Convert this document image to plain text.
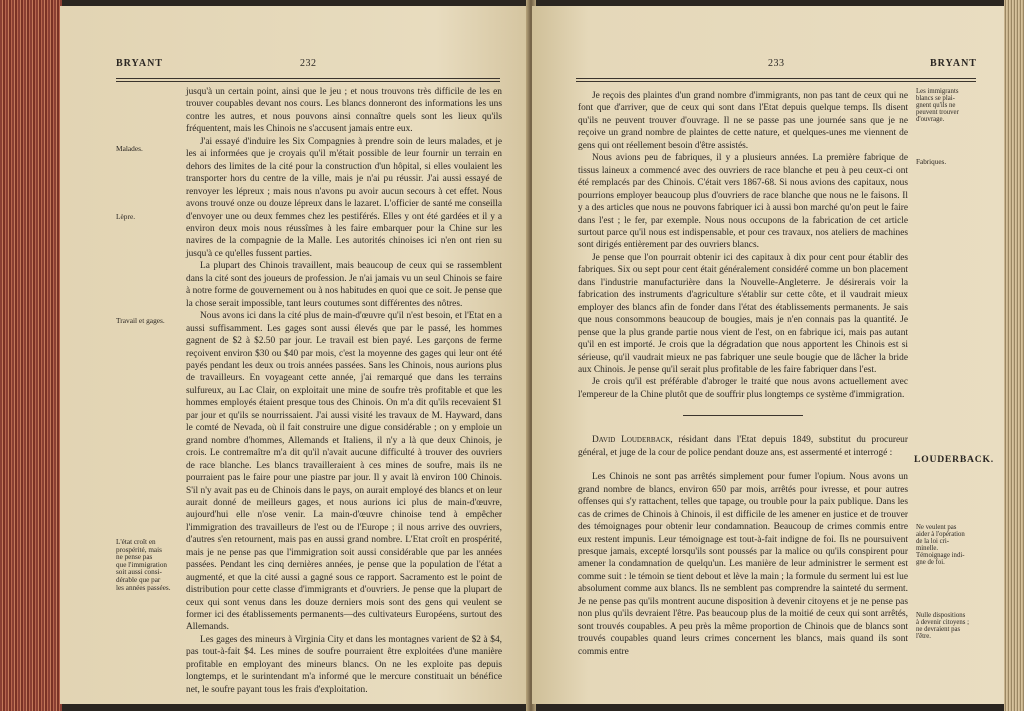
BRYANT	232
Malades.
Lèpre.
Travail et gages.
L'état croît en
prospérité, mais
ne pense pas
que l'immigration
soit aussi consi-
dérable que par
les années passées.

jusqu'à un certain point, ainsi que le jeu ; et nous trouvons très difficile de les en trouver coupables devant nos cours. Les blancs donneront des informations les uns contre les autres, et nous pouvons ainsi connaître quels sont les lieux qu'ils fréquentent, mais les Chinois ne s'accusent jamais entre eux.

J'ai essayé d'induire les Six Compagnies à prendre soin de leurs malades, et je les ai informées que je croyais qu'il m'était possible de leur fournir un terrain en dehors des limites de la cité pour la construction d'un hôpital, si elles voulaient les transporter hors du centre de la ville, mais je n'ai pu réussir. J'ai aussi essayé de renvoyer les lépreux ; mais nous n'avons pu avoir aucun secours à cet effet. Nous avons trouvé onze ou douze lépreux dans le lazaret. L'officier de santé me conseilla d'envoyer une ou deux femmes chez les pestiférés. Elles y ont été gardées et il y a environ deux mois nous réussîmes à les faire embarquer pour la Chine sur les navires de la compagnie de la Malle. Les autorités chinoises ici n'en ont rien su jusqu'à ce qu'elles fussent parties.

La plupart des Chinois travaillent, mais beaucoup de ceux qui se rassemblent dans la cité sont des joueurs de profession. Je n'ai jamais vu un seul Chinois se faire à notre forme de gouvernement ou à nos habitudes en quoi que ce soit. Je pense que la chose serait impossible, tant leurs coutumes sont différentes des nôtres.

Nous avons ici dans la cité plus de main-d'œuvre qu'il n'est besoin, et l'Etat en a aussi suffisamment. Les gages sont aussi élevés que par le passé, les hommes gagnent de $2 à $2.50 par jour. Le travail est bien payé. Les garçons de ferme reçoivent environ $30 ou $40 par mois, c'est la moyenne des gages qui leur ont été payés pendant les deux ou trois années passées. Sans les Chinois, nous aurions plus de travailleurs. En voyageant cette année, j'ai remarqué que dans les terrains sulfureux, au Lac Clair, on exploitait une mine de soufre très profitable et que les hommes employés étaient presque tous des Chinois. On m'a dit qu'ils recevaient $1 par jour et qu'ils se nourrissaient. J'ai aussi visité les travaux de M. Hayward, dans le comté de Nevada, où il fait construire une digue considérable ; on y emploie un grand nombre d'hommes, Allemands et Italiens, il n'y a là que deux Chinois, je crois. Le contremaître m'a dit qu'il n'avait aucune difficulté à trouver des ouvriers de race blanche. Les blancs travailleraient à ces mines de soufre, mais ils ne pourraient pas le faire pour une piastre par jour. Il y avait là environ 100 Chinois. S'il n'y avait pas eu de Chinois dans le pays, on aurait employé des blancs et on leur aurait donné de meilleurs gages, et nous aurions ici plus de main-d'œuvre, aujourd'hui elle n'ose venir. La main-d'œuvre chinoise tend à empêcher l'immigration des travailleurs de l'est ou de l'Europe ; il nous arrive des ouvriers, d'autres s'en retournent, mais pas en aussi grand nombre. L'Etat croît en prospérité, mais je ne pense pas que l'immigration soit aussi considérable que par les années passées. Pendant les cinq dernières années, je pense que la population de l'état a augmenté, et que la cité aussi a gagné sous ce rapport. Sacramento est le point de distribution pour cette classe d'immigrants et d'ouvriers. Je pense que la plupart de ceux qui sont venus dans les douze derniers mois sont des gens qui veulent se former ici des établissements permanents—des cultivateurs Européens, surtout des Allemands.

Les gages des mineurs à Virginia City et dans les montagnes varient de $2 à $4, pas tout-à-fait $4. Les mines de soufre pourraient être exploitées d'une manière profitable en employant des mineurs blancs. On ne les exploite pas depuis longtemps, et le surintendant m'a informé que le mercure constituait un bénéfice net, le soufre payant tous les frais d'exploitation.

233	BRYANT
Les immigrants
blancs se plai-
gnent qu'ils ne
peuvent trouver
d'ouvrage.
Fabriques.
LOUDERBACK.
Ne veulent pas
aider à l'opération
de la loi cri-
minelle.
Témoignage indi-
gne de foi.
Nulle dispositions
à devenir citoyens ;
ne devraient pas
l'être.

Je reçois des plaintes d'un grand nombre d'immigrants, non pas tant de ceux qui ne font que d'arriver, que de ceux qui sont dans l'Etat depuis quelque temps. Ils disent qu'ils ne peuvent trouver d'ouvrage. Il ne se passe pas une journée sans que je ne reçoive un grand nombre de plaintes de cette nature, et quelques-unes me viennent de gens qui ont réellement besoin d'être assistés.

Nous avions peu de fabriques, il y a plusieurs années. La première fabrique de tissus laineux a commencé avec des ouvriers de race blanche et peu à peu ceux-ci ont été remplacés par des Chinois. C'était vers 1867-68. Si nous avions des capitaux, nous pourrions employer beaucoup plus d'ouvriers de race blanche que nous ne le faisons. Il y a des articles que nous ne pouvons fabriquer ici à aussi bon marché qu'on peut le faire dans l'est ; le fer, par exemple. Nous nous occupons de la fabrication de cet article surtout parce qu'il nous est indispensable, et pour ces travaux, nos ateliers de machines sont dirigés entièrement par des ouvriers blancs.

Je pense que l'on pourrait obtenir ici des capitaux à dix pour cent pour établir des fabriques. Six ou sept pour cent était généralement considéré comme un bon placement dans l'industrie manufacturière dans la Nouvelle-Angleterre. Je désirerais voir la fabrication des instruments d'agriculture s'établir sur cette côte, et il vaudrait mieux employer des blancs afin de fonder dans l'état des établissements permanents. Je sais que nous consommons beaucoup de bougies, mais je n'en connais pas la quantité. Je pense que la plus grande partie nous vient de l'est, on en fabrique ici, mais pas autant qu'il en est importé. Je crois que la dégradation que nous apportent les Chinois est si sérieuse, qu'il vaudrait mieux ne pas fabriquer une seule bougie que de lâcher la bride aux Chinois. Je pense qu'il serait plus profitable de les faire fabriquer dans l'est.

Je crois qu'il est préférable d'abroger le traité que nous avons actuellement avec l'empereur de la Chine plutôt que de souffrir plus longtemps ce système d'immigration.

David Louderback, résidant dans l'Etat depuis 1849, substitut du procureur général, et juge de la cour de police pendant douze ans, est assermenté et interrogé :

Les Chinois ne sont pas arrêtés simplement pour fumer l'opium. Nous avons un grand nombre de blancs, environ 650 par mois, arrêtés pour ivresse, et pour autres offenses qui s'y rattachent, telles que tapage, ou trouble pour la paix publique. Dans les cas de crimes de Chinois à Chinois, il est difficile de les amener en justice et de trouver des témoignages pour obtenir leur condamnation. Beaucoup de crimes commis entre eux restent impunis. Leur témoignage est tout-à-fait indigne de foi. Ils ne poursuivent presque jamais, excepté lorsqu'ils sont poussés par la malice ou qu'ils conspirent pour amener la condamnation de quelqu'un. Les manière de leur administrer le serment est comme suit : le témoin se tient debout et lève la main ; la formule du serment lui est lue absolument comme aux blancs. Ils ne semblent pas comprendre la sainteté du serment. Je ne pense pas qu'ils montrent aucune disposition à devenir citoyens et je ne pense pas non plus qu'ils devraient l'être. Pas beaucoup plus de la moitié de ceux qui sont arrêtés, sont trouvés coupables. A peu près la même proportion de Chinois que de blancs sont trouvés coupables quand leurs crimes concernent les blancs, mais quand ils sont commis entre
